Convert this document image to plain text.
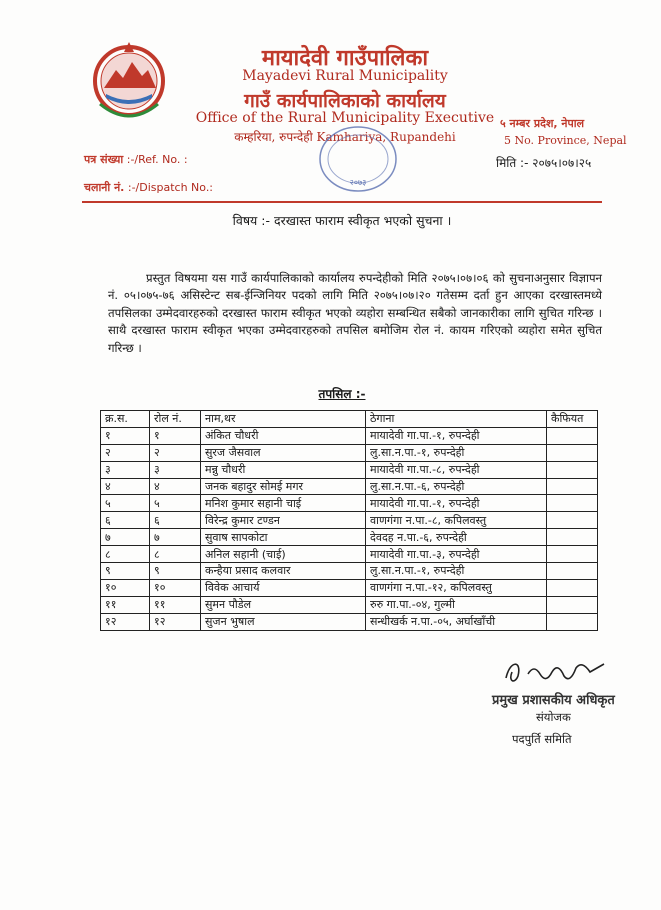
मायादेवी गाउँपालिका
Mayadevi Rural Municipality
गाउँ कार्यपालिकाको कार्यालय
Office of the Rural Municipality Executive
कम्हरिया, रुपन्देही Kamhariya, Rupandehi
५ नम्बर प्रदेश, नेपाल
5 No. Province, Nepal
पत्र संख्या :-/Ref. No. :
चलानी नं. :-/Dispatch No.:
मिति :- २०७५।०७।२५
२०७३
विषय :- दरखास्त फाराम स्वीकृत भएको सुचना ।
प्रस्तुत विषयमा यस गाउँ कार्यपालिकाको कार्यालय रुपन्देहीको मिति २०७५।०७।०६ को सुचनाअनुसार विज्ञापन नं. ०५।०७५-७६ असिस्टेन्ट सब-ईन्जिनियर पदको लागि मिति २०७५।०७।२० गतेसम्म दर्ता हुन आएका दरखास्तमध्ये तपसिलका उम्मेदवारहरुको दरखास्त फाराम स्वीकृत भएको व्यहोरा सम्बन्धित सबैको जानकारीका लागि सुचित गरिन्छ । साथै दरखास्त फाराम स्वीकृत भएका उम्मेदवारहरुको तपसिल बमोजिम रोल नं. कायम गरिएको व्यहोरा समेत सुचित गरिन्छ ।
तपसिल :-
क्र.स.	रोल नं.	नाम,थर	ठेगाना	कैफियत
१	१	अंकित चौधरी	मायादेवी गा.पा.-१, रुपन्देही	
२	२	सुरज जैसवाल	लु.सा.न.पा.-१, रुपन्देही	
३	३	मन्नु चौधरी	मायादेवी गा.पा.-८, रुपन्देही	
४	४	जनक बहादुर सोमई मगर	लु.सा.न.पा.-६, रुपन्देही	
५	५	मनिश कुमार सहानी चाई	मायादेवी गा.पा.-१, रुपन्देही	
६	६	विरेन्द्र कुमार टण्डन	वाणगंगा न.पा.-८, कपिलवस्तु	
७	७	सुवाष सापकोटा	देवदह न.पा.-६, रुपन्देही	
८	८	अनिल सहानी (चाई)	मायादेवी गा.पा.-३, रुपन्देही	
९	९	कन्हैया प्रसाद कलवार	लु.सा.न.पा.-१, रुपन्देही	
१०	१०	विवेक आचार्य	वाणगंगा न.पा.-१२, कपिलवस्तु	
११	११	सुमन पौडेल	रुरु गा.पा.-०४, गुल्मी	
१२	१२	सुजन भुषाल	सन्धीखर्क न.पा.-०५, अर्घाखाँची	
प्रमुख प्रशासकीय अधिकृत
संयोजक
पदपुर्ति समिति
